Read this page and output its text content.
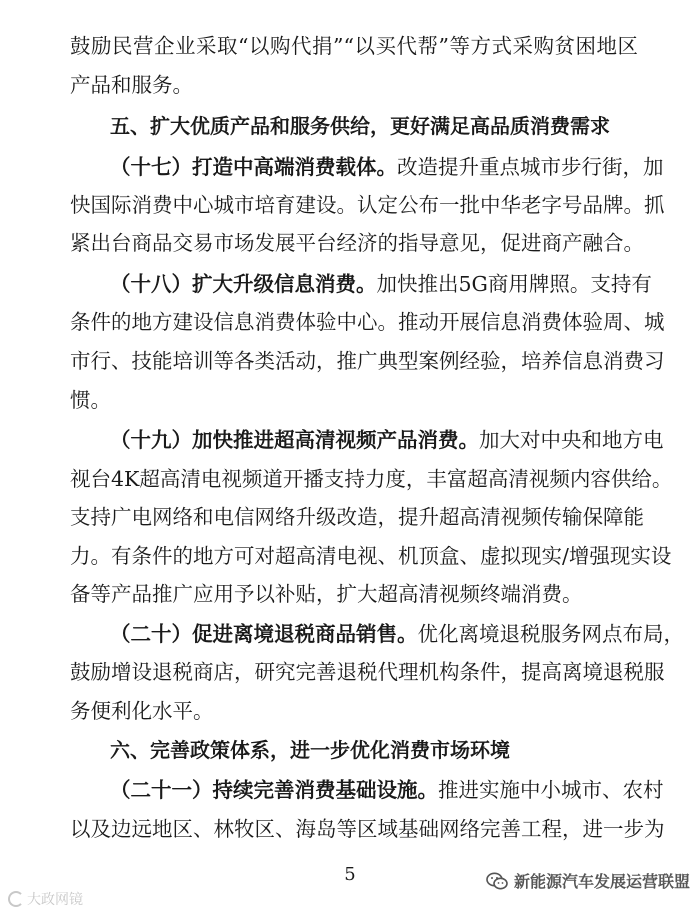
鼓励民营企业采取“以购代捐”“以买代帮”等方式采购贫困地区
产品和服务。
五、扩大优质产品和服务供给，更好满足高品质消费需求
（十七）打造中高端消费载体。改造提升重点城市步行街，加
快国际消费中心城市培育建设。认定公布一批中华老字号品牌。抓
紧出台商品交易市场发展平台经济的指导意见，促进商产融合。
（十八）扩大升级信息消费。加快推出5G商用牌照。支持有
条件的地方建设信息消费体验中心。推动开展信息消费体验周、城
市行、技能培训等各类活动，推广典型案例经验，培养信息消费习
惯。
（十九）加快推进超高清视频产品消费。加大对中央和地方电
视台4K超高清电视频道开播支持力度，丰富超高清视频内容供给。
支持广电网络和电信网络升级改造，提升超高清视频传输保障能
力。有条件的地方可对超高清电视、机顶盒、虚拟现实/增强现实设
备等产品推广应用予以补贴，扩大超高清视频终端消费。
（二十）促进离境退税商品销售。优化离境退税服务网点布局，
鼓励增设退税商店，研究完善退税代理机构条件，提高离境退税服
务便利化水平。
六、完善政策体系，进一步优化消费市场环境
（二十一）持续完善消费基础设施。推进实施中小城市、农村
以及边远地区、林牧区、海岛等区域基础网络完善工程，进一步为
5
大政网镜
新能源汽车发展运营联盟
